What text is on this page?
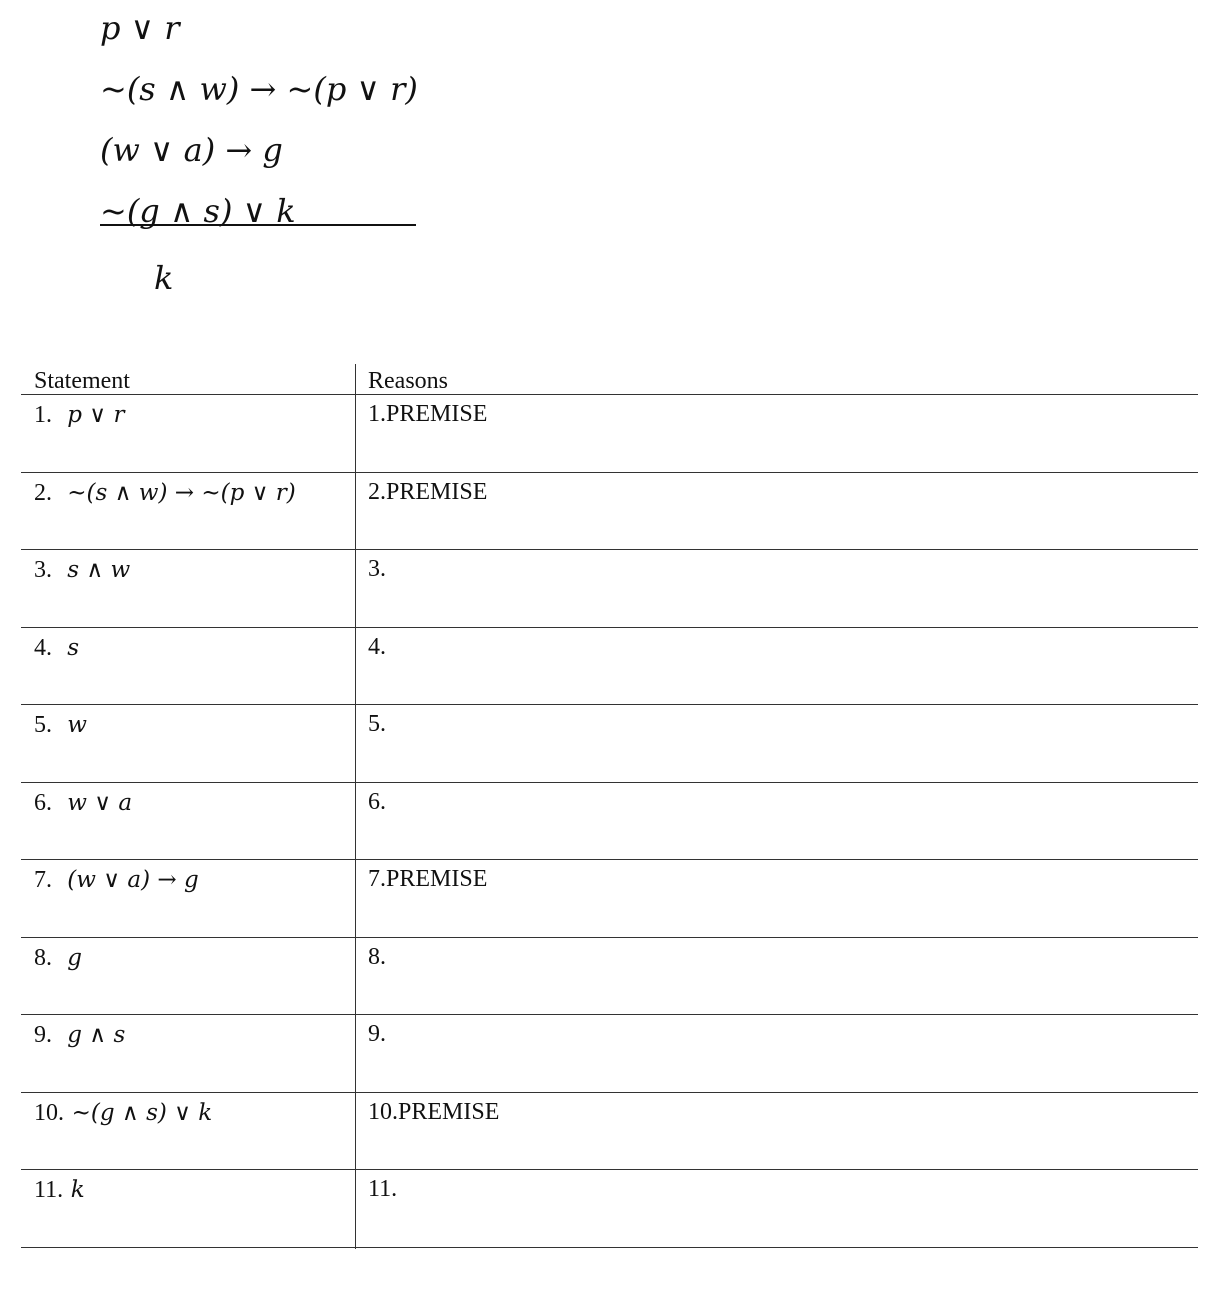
p ∨ r
~(s ∧ w) → ~(p ∨ r)
(w ∨ a) → g
~(g ∧ s) ∨ k
k
Statement	Reasons
1. p ∨ r	1.PREMISE
2. ~(s ∧ w) → ~(p ∨ r)	2.PREMISE
3. s ∧ w	3.
4. s	4.
5. w	5.
6. w ∨ a	6.
7. (w ∨ a) → g	7.PREMISE
8. g	8.
9. g ∧ s	9.
10. ~(g ∧ s) ∨ k	10.PREMISE
11. k	11.
